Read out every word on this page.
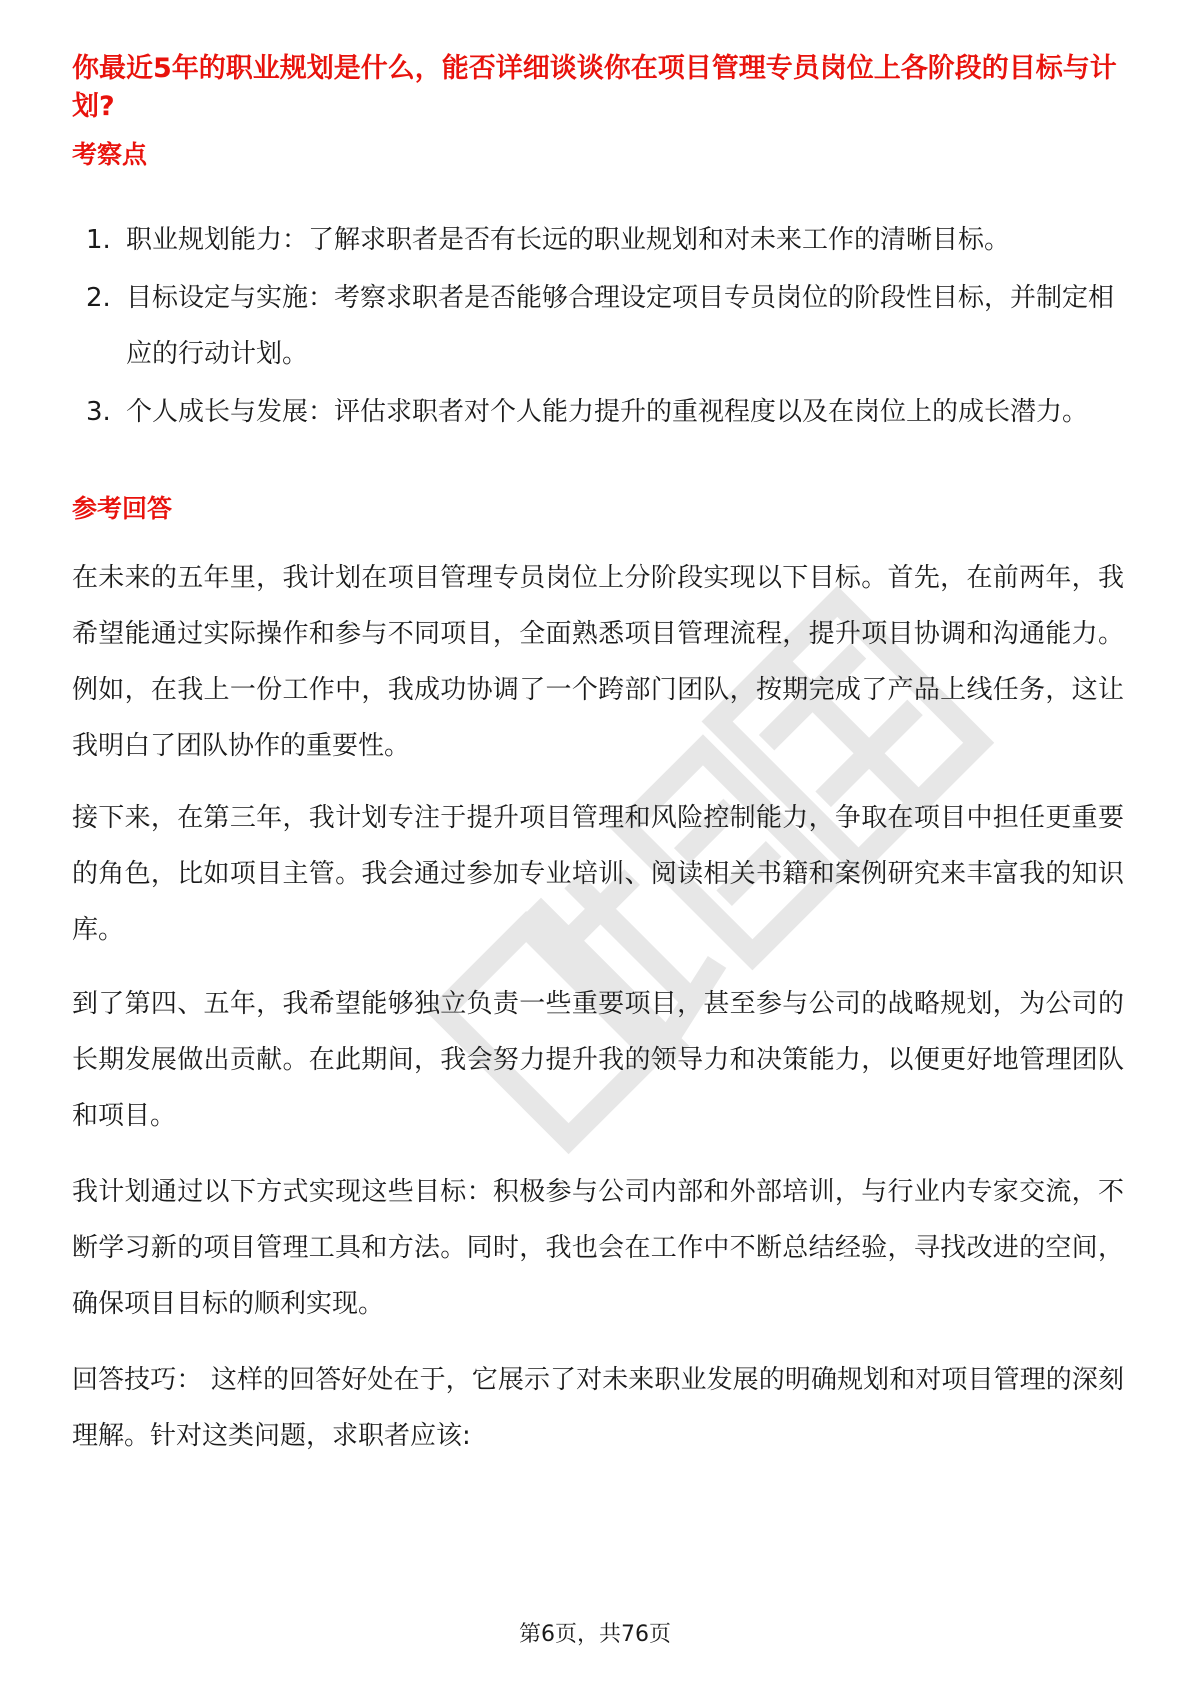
你最近5年的职业规划是什么，能否详细谈谈你在项目管理专员岗位上各阶段的目标与计划?

考察点
1. 职业规划能力：了解求职者是否有长远的职业规划和对未来工作的清晰目标。
2. 目标设定与实施：考察求职者是否能够合理设定项目专员岗位的阶段性目标，并制定相应的行动计划。
3. 个人成长与发展：评估求职者对个人能力提升的重视程度以及在岗位上的成长潜力。
参考回答

在未来的五年里，我计划在项目管理专员岗位上分阶段实现以下目标。首先，在前两年，我希望能通过实际操作和参与不同项目，全面熟悉项目管理流程，提升项目协调和沟通能力。例如，在我上一份工作中，我成功协调了一个跨部门团队，按期完成了产品上线任务，这让我明白了团队协作的重要性。

接下来，在第三年，我计划专注于提升项目管理和风险控制能力，争取在项目中担任更重要的角色，比如项目主管。我会通过参加专业培训、阅读相关书籍和案例研究来丰富我的知识库。

到了第四、五年，我希望能够独立负责一些重要项目，甚至参与公司的战略规划，为公司的长期发展做出贡献。在此期间，我会努力提升我的领导力和决策能力，以便更好地管理团队和项目。

我计划通过以下方式实现这些目标：积极参与公司内部和外部培训，与行业内专家交流，不断学习新的项目管理工具和方法。同时，我也会在工作中不断总结经验，寻找改进的空间，确保项目目标的顺利实现。

回答技巧： 这样的回答好处在于，它展示了对未来职业发展的明确规划和对项目管理的深刻理解。针对这类问题，求职者应该:

第6页，共76页
